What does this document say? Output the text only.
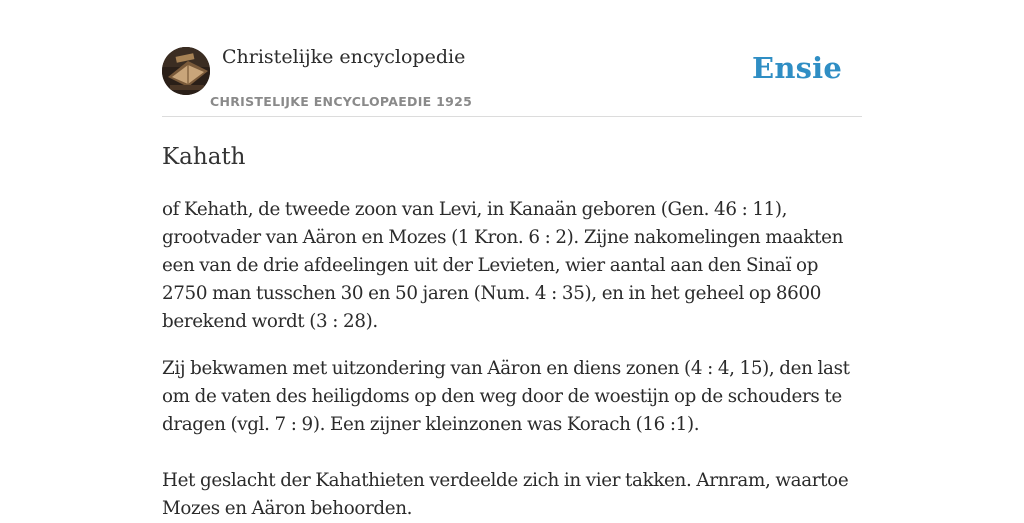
Christelijke encyclopedie
CHRISTELIJKE ENCYCLOPAEDIE 1925
Ensie
Kahath

of Kehath, de tweede zoon van Levi, in Kanaän geboren (Gen. 46 : 11), grootvader van Aäron en Mozes (1 Kron. 6 : 2). Zijne nakomelingen maakten een van de drie afdeelingen uit der Levieten, wier aantal aan den Sinaï op 2750 man tusschen 30 en 50 jaren (Num. 4 : 35), en in het geheel op 8600 berekend wordt (3 : 28).

Zij bekwamen met uitzondering van Aäron en diens zonen (4 : 4, 15), den last om de vaten des heiligdoms op den weg door de woestijn op de schouders te dragen (vgl. 7 : 9). Een zijner kleinzonen was Korach (16 :1).

Het geslacht der Kahathieten verdeelde zich in vier takken. Arnram, waartoe Mozes en Aäron behoorden.
